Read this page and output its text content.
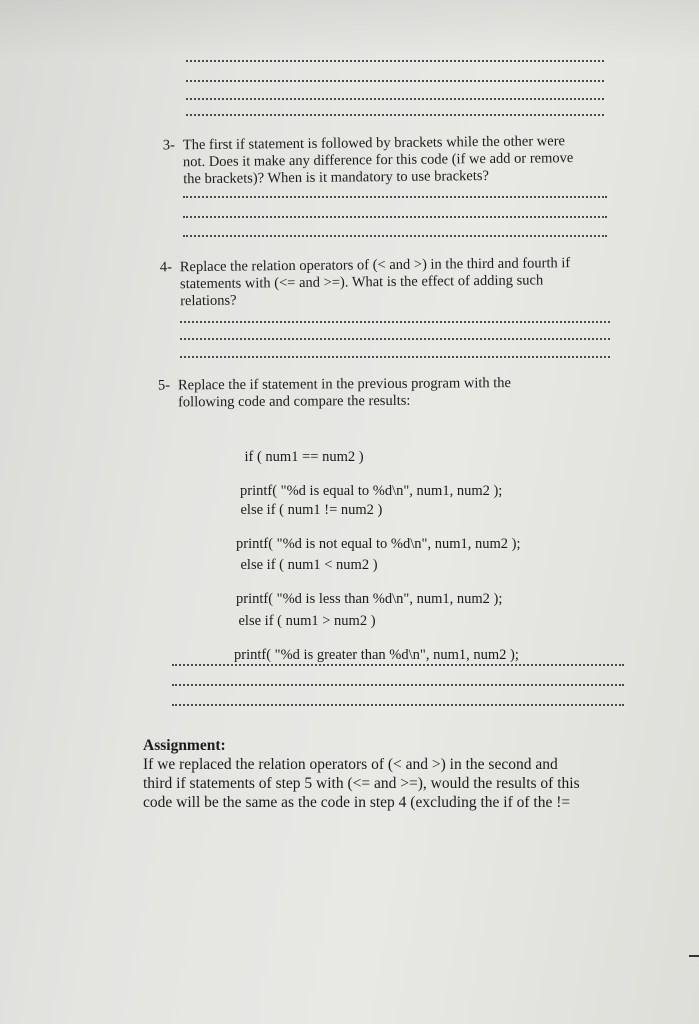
3- The first if statement is followed by brackets while the other were
not. Does it make any difference for this code (if we add or remove
the brackets)? When is it mandatory to use brackets?
4- Replace the relation operators of (< and >) in the third and fourth if
statements with (<= and >=). What is the effect of adding such
relations?
5- Replace the if statement in the previous program with the
following code and compare the results:

if ( num1 == num2 )

printf( "%d is equal to %d\n", num1, num2 );

else if ( num1 != num2 )

printf( "%d is not equal to %d\n", num1, num2 );

else if ( num1 < num2 )

printf( "%d is less than %d\n", num1, num2 );

else if ( num1 > num2 )

printf( "%d is greater than %d\n", num1, num2 );

Assignment:
If we replaced the relation operators of (< and >) in the second and
third if statements of step 5 with (<= and >=), would the results of this
code will be the same as the code in step 4 (excluding the if of the !=
